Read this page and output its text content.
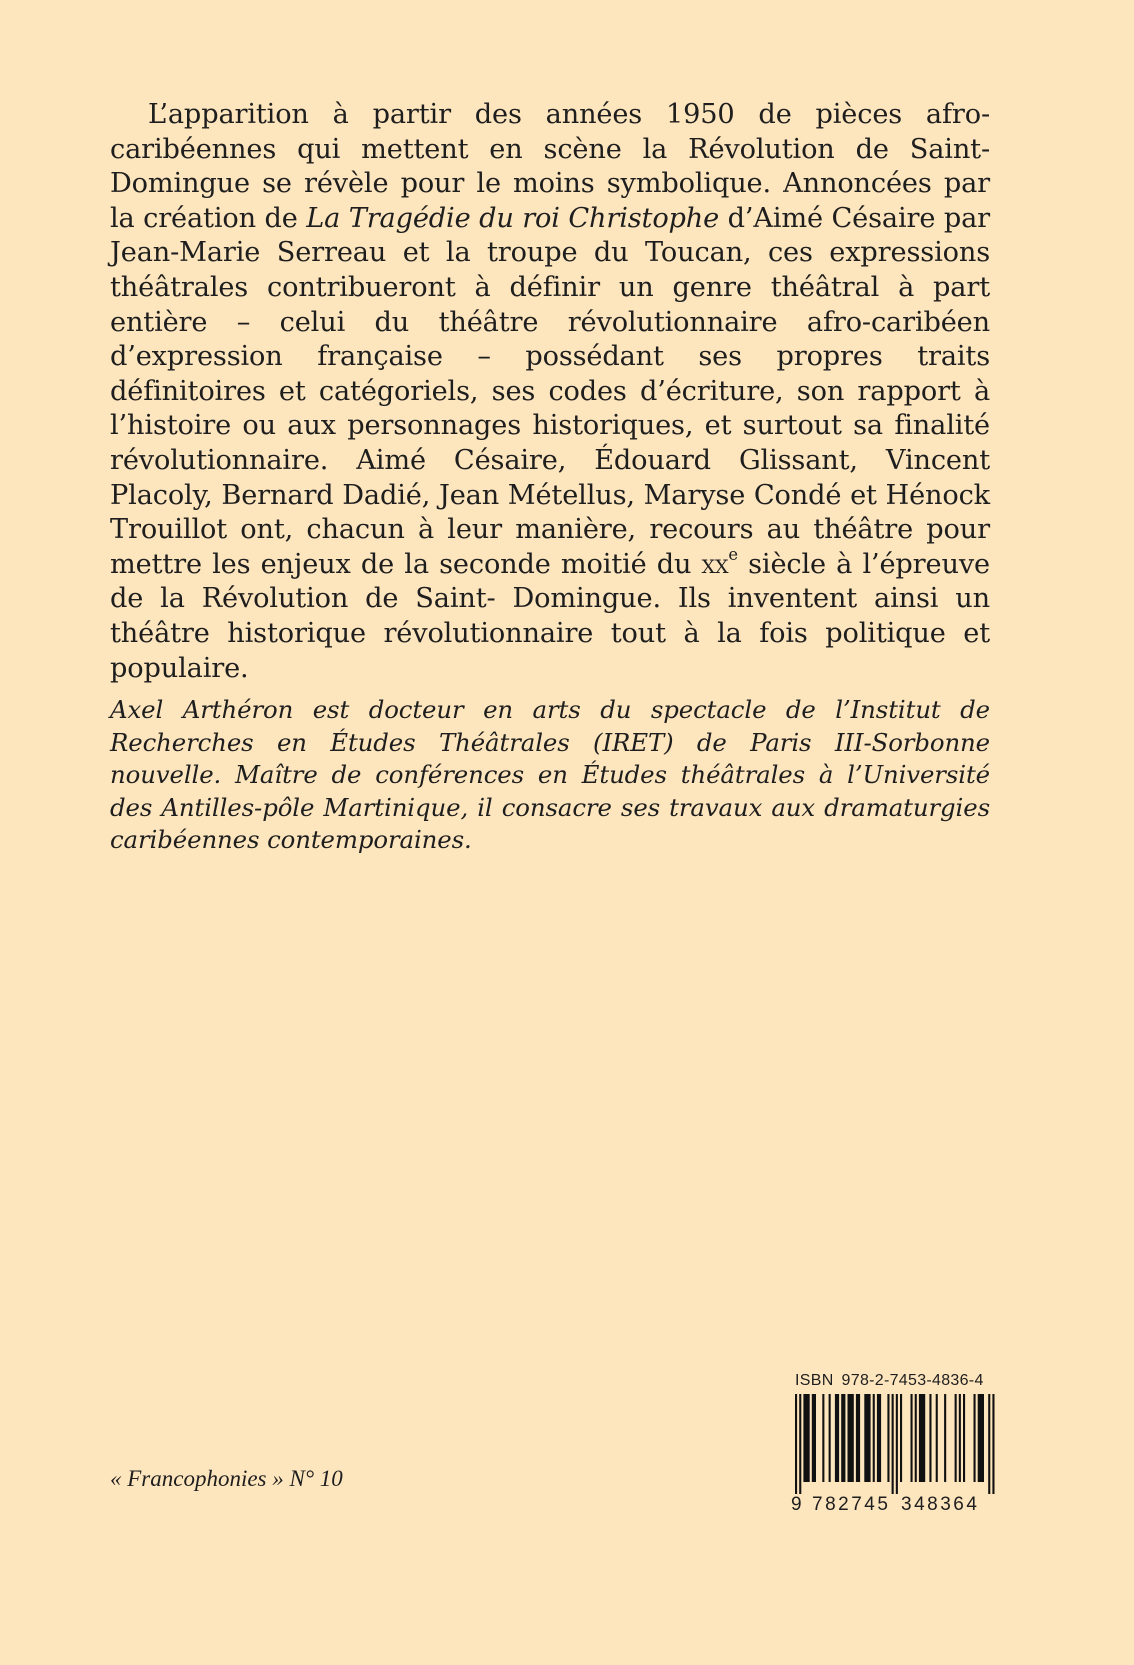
L’apparition à partir des années 1950 de pièces afro-caribéennes qui mettent en scène la Révolution de Saint-Domingue se révèle pour le moins symbolique. Annoncées par la création de La Tragédie du roi Christophe d’Aimé Césaire par Jean-Marie Serreau et la troupe du Toucan, ces expressions théâtrales contribueront à définir un genre théâtral à part entière – celui du théâtre révolutionnaire afro-caribéen d’expression française – possédant ses propres traits définitoires et catégoriels, ses codes d’écriture, son rapport à l’histoire ou aux personnages historiques, et surtout sa finalité révolutionnaire. Aimé Césaire, Édouard Glissant, Vincent Placoly, Bernard Dadié, Jean Métellus, Maryse Condé et Hénock Trouillot ont, chacun à leur manière, recours au théâtre pour mettre les enjeux de la seconde moitié du $xx^e$ siècle à l’épreuve de la Révolution de Saint- Domingue. Ils inventent ainsi un théâtre historique révolutionnaire tout à la fois politique et populaire.

Axel Arthéron est docteur en arts du spectacle de l’Institut de Recherches en Études Théâtrales (IRET) de Paris III-Sorbonne nouvelle. Maître de conférences en Études théâtrales à l’Université des Antilles-pôle Martinique, il consacre ses travaux aux dramaturgies caribéennes contemporaines.

« Francophonies » N° 10

ISBN 978-2-7453-4836-4
9 782745 348364
